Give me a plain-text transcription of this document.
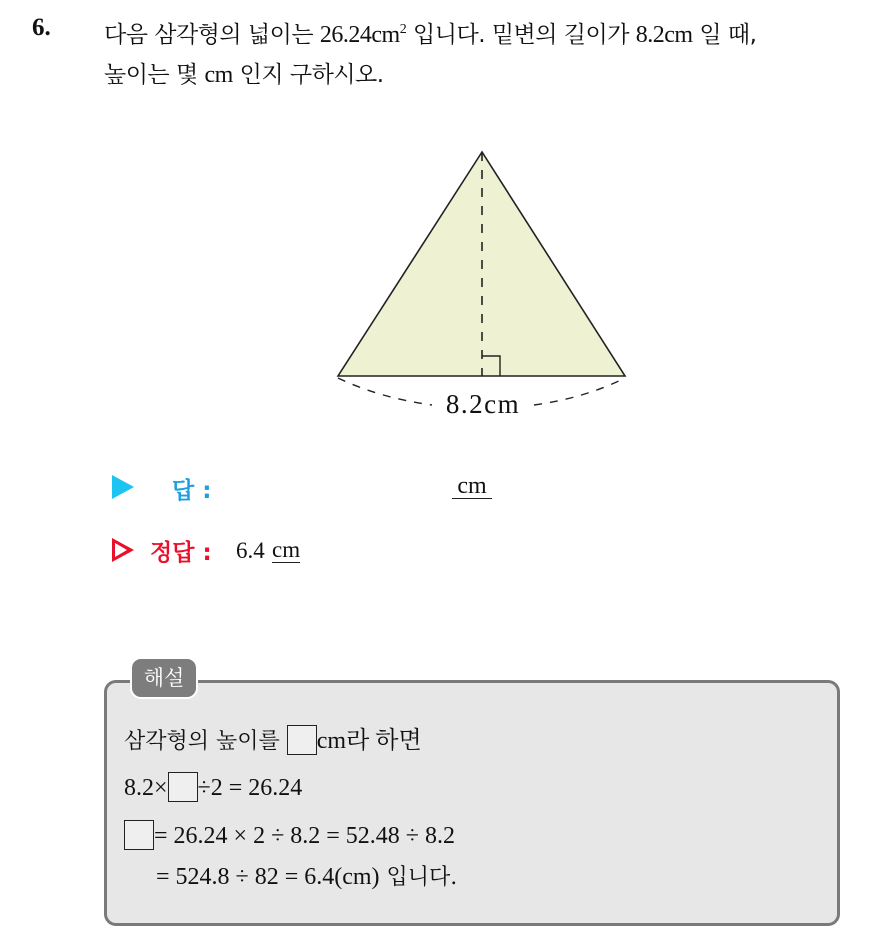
6. 다음 삼각형의 넓이는 $26.24cm^2$ 입니다. 밑변의 길이가 8.2cm 일 때,
높이는 몇 cm 인지 구하시오.
8.2cm
답 :	cm
정답 : 6.4 cm
해설
삼각형의 높이를 cm라 하면
8.2× ÷2 = 26.24
= 26.24 × 2 ÷ 8.2 = 52.48 ÷ 8.2
= 524.8 ÷ 82 = 6.4(cm) 입니다.
